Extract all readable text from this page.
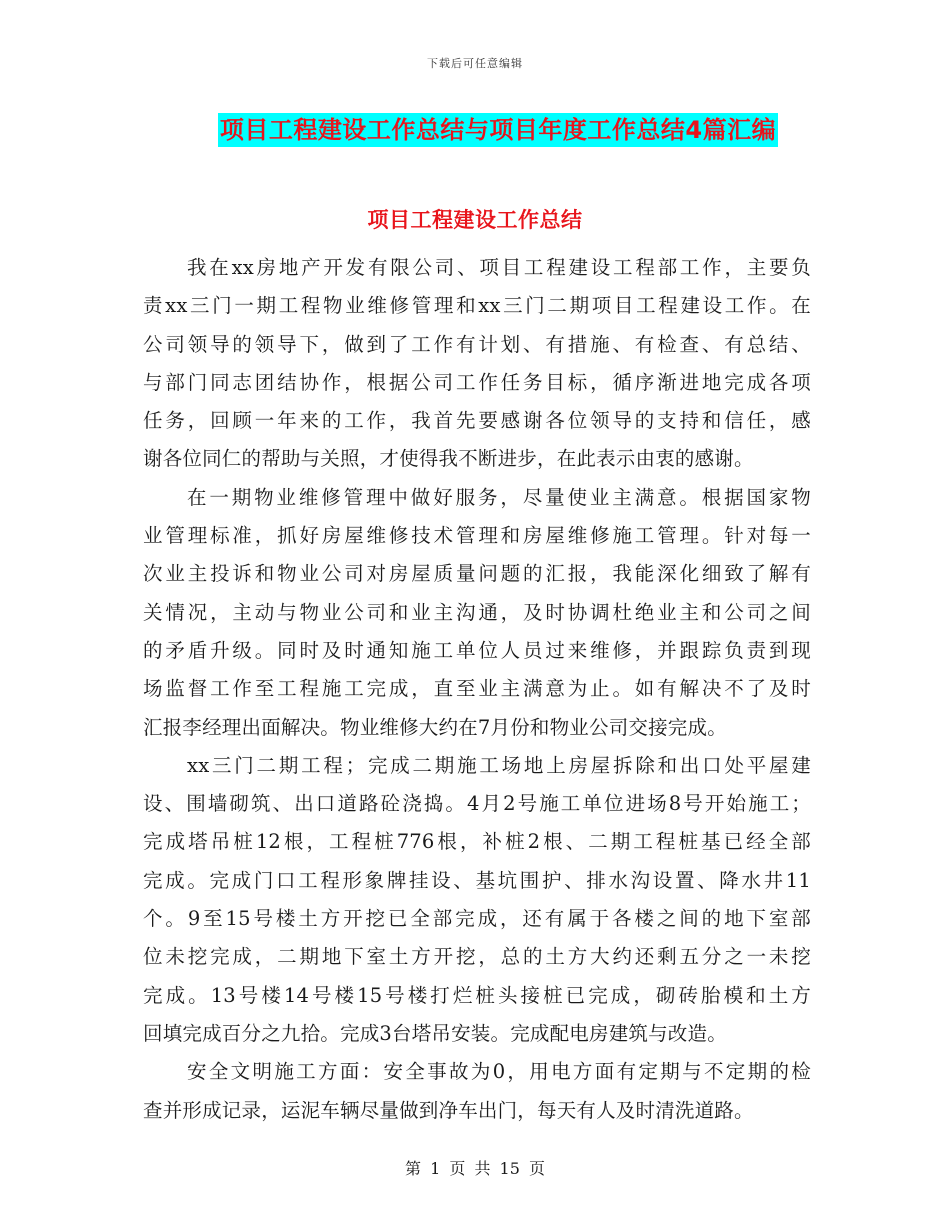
下载后可任意编辑
项目工程建设工作总结与项目年度工作总结4篇汇编
项目工程建设工作总结
我在xx房地产开发有限公司、项目工程建设工程部工作，主要负
责xx三门一期工程物业维修管理和xx三门二期项目工程建设工作。在
公司领导的领导下，做到了工作有计划、有措施、有检查、有总结、
与部门同志团结协作，根据公司工作任务目标，循序渐进地完成各项
任务，回顾一年来的工作，我首先要感谢各位领导的支持和信任，感
谢各位同仁的帮助与关照，才使得我不断进步，在此表示由衷的感谢。
在一期物业维修管理中做好服务，尽量使业主满意。根据国家物
业管理标准，抓好房屋维修技术管理和房屋维修施工管理。针对每一
次业主投诉和物业公司对房屋质量问题的汇报，我能深化细致了解有
关情况，主动与物业公司和业主沟通，及时协调杜绝业主和公司之间
的矛盾升级。同时及时通知施工单位人员过来维修，并跟踪负责到现
场监督工作至工程施工完成，直至业主满意为止。如有解决不了及时
汇报李经理出面解决。物业维修大约在7月份和物业公司交接完成。
xx三门二期工程；完成二期施工场地上房屋拆除和出口处平屋建
设、围墙砌筑、出口道路砼浇捣。4月2号施工单位进场8号开始施工；
完成塔吊桩12根，工程桩776根，补桩2根、二期工程桩基已经全部
完成。完成门口工程形象牌挂设、基坑围护、排水沟设置、降水井11
个。9至15号楼土方开挖已全部完成，还有属于各楼之间的地下室部
位未挖完成，二期地下室土方开挖，总的土方大约还剩五分之一未挖
完成。13号楼14号楼15号楼打烂桩头接桩已完成，砌砖胎模和土方
回填完成百分之九拾。完成3台塔吊安装。完成配电房建筑与改造。
安全文明施工方面：安全事故为0，用电方面有定期与不定期的检
查并形成记录，运泥车辆尽量做到净车出门，每天有人及时清洗道路。
第 1 页 共 15 页
